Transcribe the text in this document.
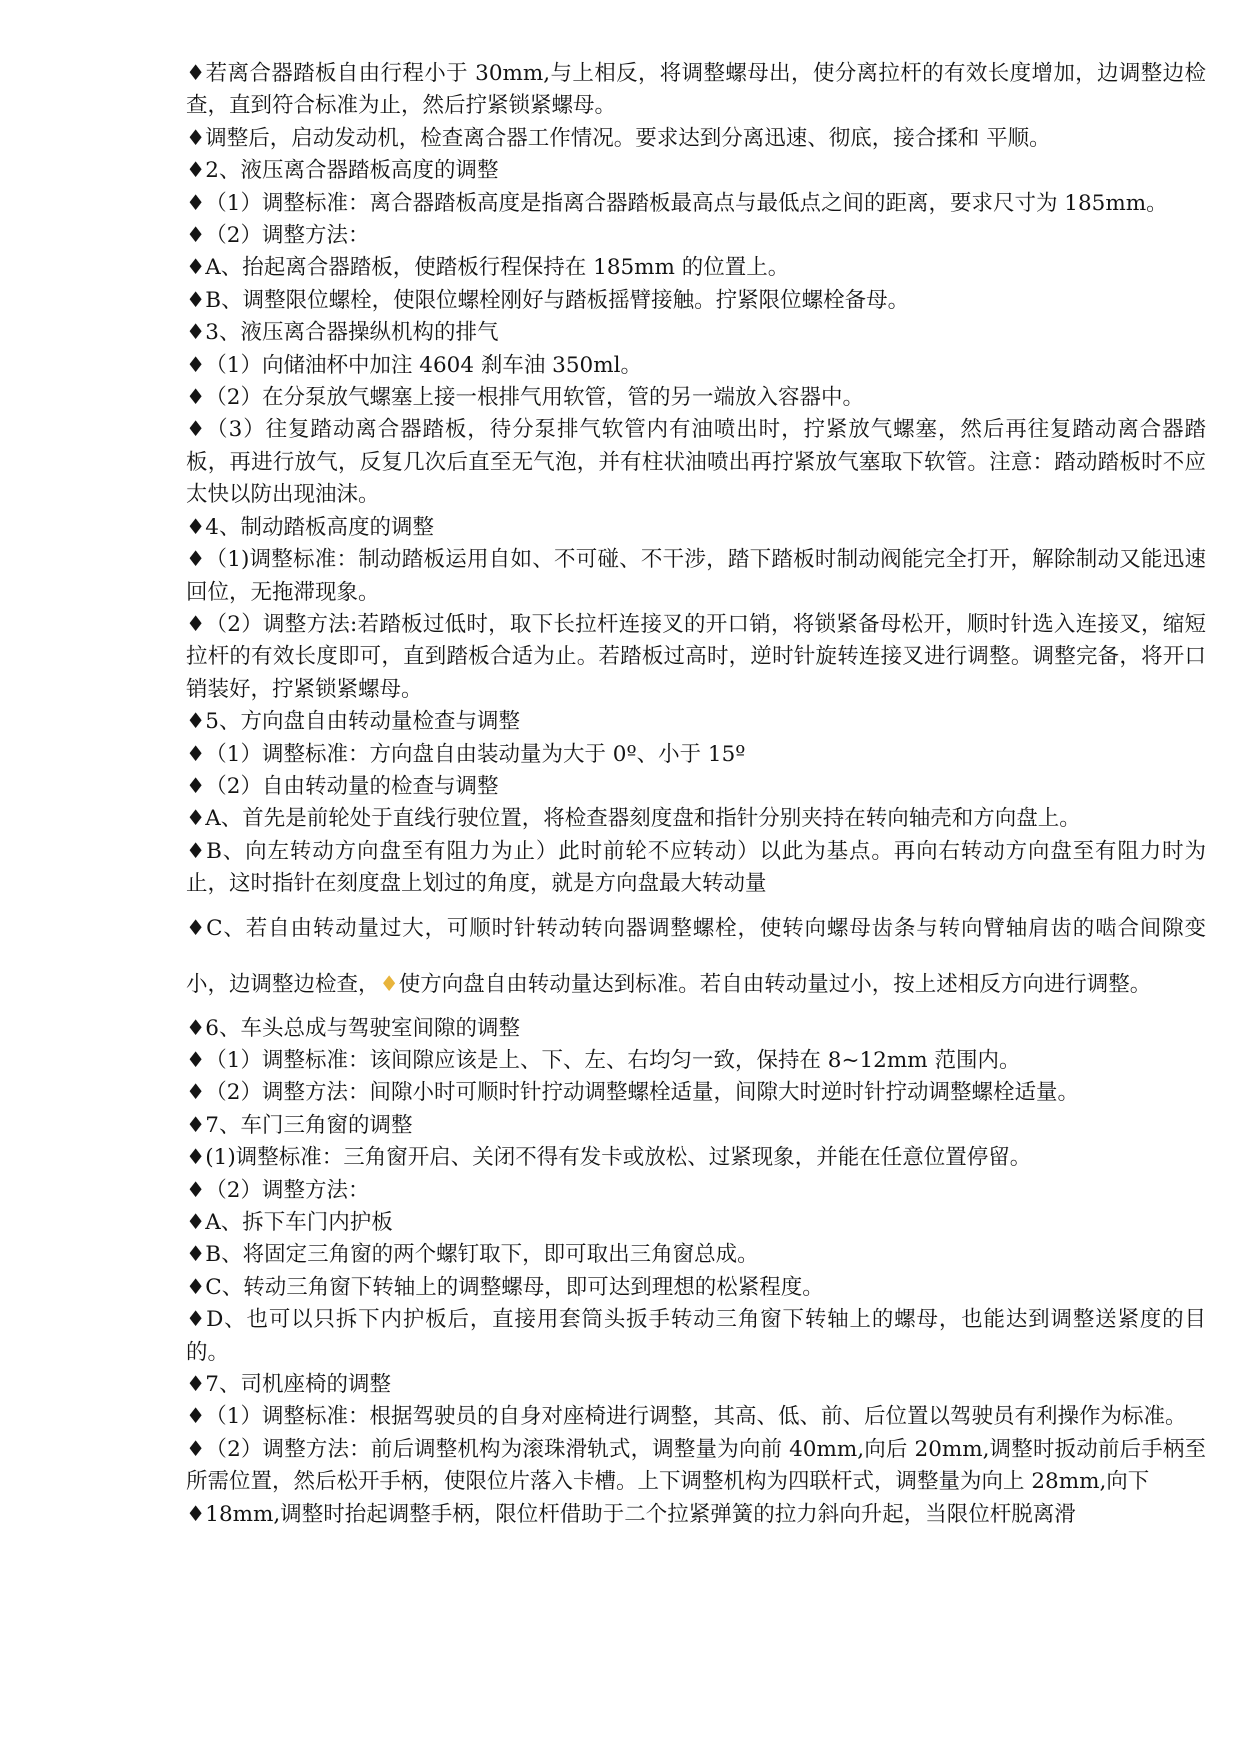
♦若离合器踏板自由行程小于 30mm,与上相反，将调整螺母出，使分离拉杆的有效长度增加，边调整边检查，直到符合标准为止，然后拧紧锁紧螺母。

♦调整后，启动发动机，检查离合器工作情况。要求达到分离迅速、彻底，接合揉和 平顺。

♦2、液压离合器踏板高度的调整

♦（1）调整标准：离合器踏板高度是指离合器踏板最高点与最低点之间的距离，要求尺寸为 185mm。

♦（2）调整方法：

♦A、抬起离合器踏板，使踏板行程保持在 185mm 的位置上。

♦B、调整限位螺栓，使限位螺栓刚好与踏板摇臂接触。拧紧限位螺栓备母。

♦3、液压离合器操纵机构的排气

♦（1）向储油杯中加注 4604 刹车油 350ml。

♦（2）在分泵放气螺塞上接一根排气用软管，管的另一端放入容器中。

♦（3）往复踏动离合器踏板，待分泵排气软管内有油喷出时，拧紧放气螺塞，然后再往复踏动离合器踏板，再进行放气，反复几次后直至无气泡，并有柱状油喷出再拧紧放气塞取下软管。注意：踏动踏板时不应太快以防出现油沫。

♦4、制动踏板高度的调整

♦（1)调整标准：制动踏板运用自如、不可碰、不干涉，踏下踏板时制动阀能完全打开，解除制动又能迅速回位，无拖滞现象。

♦（2）调整方法:若踏板过低时，取下长拉杆连接叉的开口销，将锁紧备母松开，顺时针选入连接叉，缩短拉杆的有效长度即可，直到踏板合适为止。若踏板过高时，逆时针旋转连接叉进行调整。调整完备，将开口销装好，拧紧锁紧螺母。

♦5、方向盘自由转动量检查与调整

♦（1）调整标准：方向盘自由装动量为大于 0º、小于 15º

♦（2）自由转动量的检查与调整

♦A、首先是前轮处于直线行驶位置，将检查器刻度盘和指针分别夹持在转向轴壳和方向盘上。

♦B、向左转动方向盘至有阻力为止）此时前轮不应转动）以此为基点。再向右转动方向盘至有阻力时为止，这时指针在刻度盘上划过的角度，就是方向盘最大转动量

♦C、若自由转动量过大，可顺时针转动转向器调整螺栓，使转向螺母齿条与转向臂轴肩齿的啮合间隙变小，边调整边检查，♦使方向盘自由转动量达到标准。若自由转动量过小，按上述相反方向进行调整。

♦6、车头总成与驾驶室间隙的调整

♦（1）调整标准：该间隙应该是上、下、左、右均匀一致，保持在 8~12mm 范围内。

♦（2）调整方法：间隙小时可顺时针拧动调整螺栓适量，间隙大时逆时针拧动调整螺栓适量。

♦7、车门三角窗的调整

♦(1)调整标准：三角窗开启、关闭不得有发卡或放松、过紧现象，并能在任意位置停留。

♦（2）调整方法：

♦A、拆下车门内护板

♦B、将固定三角窗的两个螺钉取下，即可取出三角窗总成。

♦C、转动三角窗下转轴上的调整螺母，即可达到理想的松紧程度。

♦D、也可以只拆下内护板后，直接用套筒头扳手转动三角窗下转轴上的螺母，也能达到调整送紧度的目的。

♦7、司机座椅的调整

♦（1）调整标准：根据驾驶员的自身对座椅进行调整，其高、低、前、后位置以驾驶员有利操作为标准。

♦（2）调整方法：前后调整机构为滚珠滑轨式，调整量为向前 40mm,向后 20mm,调整时扳动前后手柄至所需位置，然后松开手柄，使限位片落入卡槽。上下调整机构为四联杆式，调整量为向上 28mm,向下

♦18mm,调整时抬起调整手柄，限位杆借助于二个拉紧弹簧的拉力斜向升起，当限位杆脱离滑
